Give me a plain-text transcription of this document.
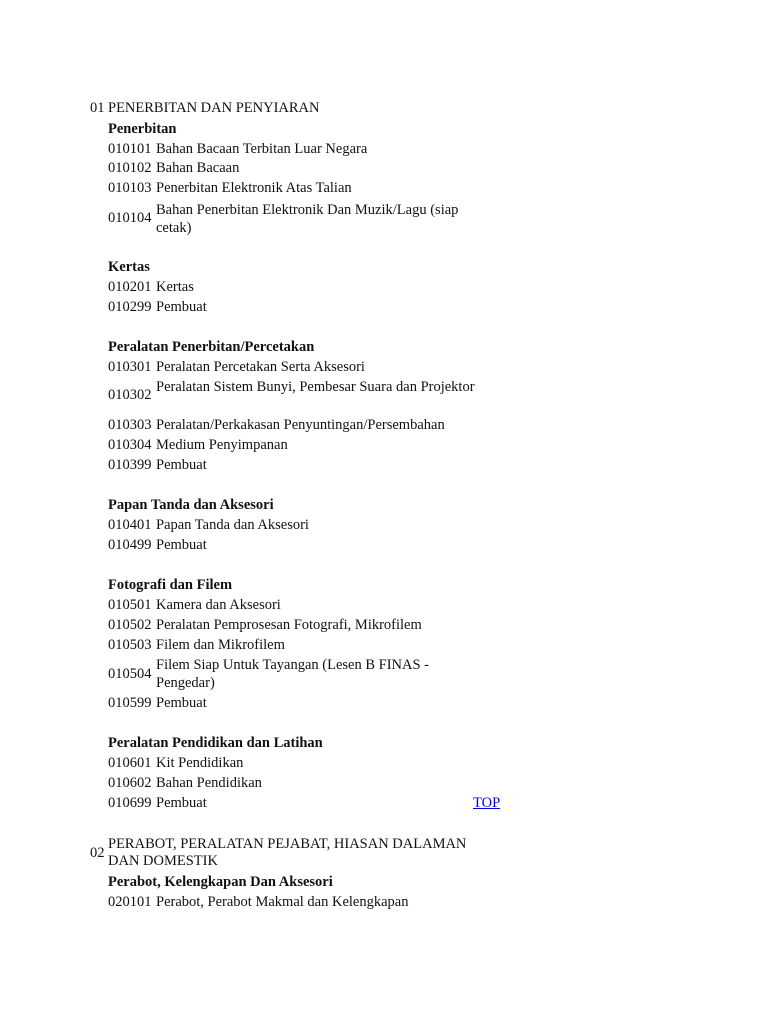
01 PENERBITAN DAN PENYIARAN
Penerbitan
010101 Bahan Bacaan Terbitan Luar Negara
010102 Bahan Bacaan
010103 Penerbitan Elektronik Atas Talian
010104 Bahan Penerbitan Elektronik Dan Muzik/Lagu (siap cetak)
Kertas
010201 Kertas
010299 Pembuat
Peralatan Penerbitan/Percetakan
010301 Peralatan Percetakan Serta Aksesori
010302 Peralatan Sistem Bunyi, Pembesar Suara dan Projektor
010303 Peralatan/Perkakasan Penyuntingan/Persembahan
010304 Medium Penyimpanan
010399 Pembuat
Papan Tanda dan Aksesori
010401 Papan Tanda dan Aksesori
010499 Pembuat
Fotografi dan Filem
010501 Kamera dan Aksesori
010502 Peralatan Pemprosesan Fotografi, Mikrofilem
010503 Filem dan Mikrofilem
010504
Filem Siap Untuk Tayangan (Lesen B FINAS - Pengedar)
010599 Pembuat
Peralatan Pendidikan dan Latihan
010601 Kit Pendidikan
010602 Bahan Pendidikan
010699 Pembuat	TOP
02
PERABOT, PERALATAN PEJABAT, HIASAN DALAMAN DAN DOMESTIK
Perabot, Kelengkapan Dan Aksesori
020101 Perabot, Perabot Makmal dan Kelengkapan
